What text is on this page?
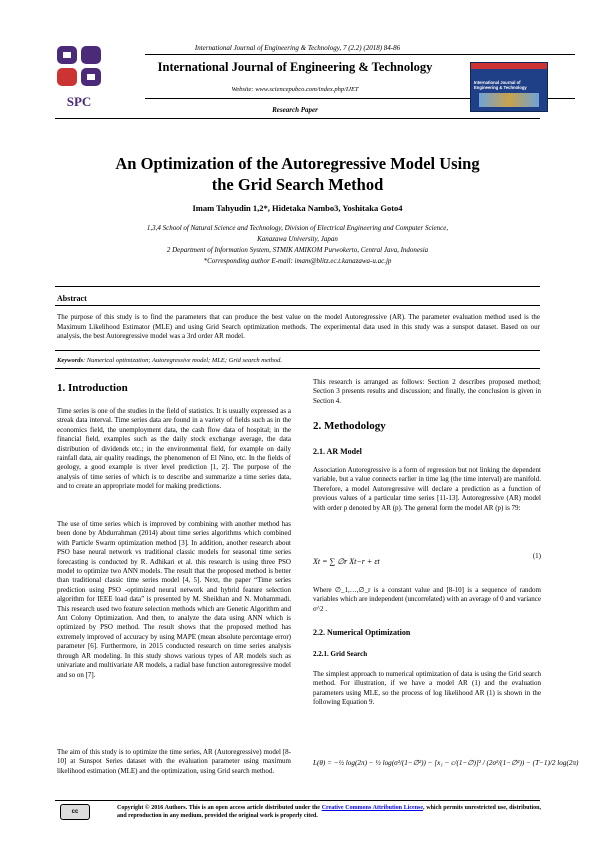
International Journal of Engineering & Technology, 7 (2.2) (2018) 84-86
SPC
International Journal of Engineering & Technology
Website: www.sciencepubco.com/index.php/IJET
Research Paper
International Journal of Engineering & Technology
An Optimization of the Autoregressive Model Using
the Grid Search Method
Imam Tahyudin 1,2*, Hidetaka Nambo3, Yoshitaka Goto4
1,3,4 School of Natural Science and Technology, Division of Electrical Engineering and Computer Science,
Kanazawa University, Japan
2 Department of Information System, STMIK AMIKOM Purwokerto, Central Java, Indonesia
*Corresponding author E-mail: imam@blitz.ec.t.kanazawa-u.ac.jp
Abstract
The purpose of this study is to find the parameters that can produce the best value on the model Autoregressive (AR). The parameter evaluation method used is the Maximum Likelihood Estimator (MLE) and using Grid Search optimization methods. The experimental data used in this study was a sunspot dataset. Based on our analysis, the best Autoregressive model was a 3rd order AR model.
Keywords: Numerical optimization; Autoregressive model; MLE; Grid search method.
1. Introduction
Time series is one of the studies in the field of statistics. It is usually expressed as a streak data interval. Time series data are found in a variety of fields such as in the economics field, the unemployment data, the cash flow data of hospital; in the financial field, examples such as the daily stock exchange average, the data distribution of dividends etc.; in the environmental field, for example on daily rainfall data, air quality readings, the phenomenon of El Nino, etc. In the fields of geology, a good example is river level prediction [1, 2]. The purpose of the analysis of time series of which is to describe and summarize a time series data, and to create an appropriate model for making predictions.
The use of time series which is improved by combining with another method has been done by Abdurrahman (2014) about time series algorithms which combined with Particle Swarm optimization method [3]. In addition, another research about PSO base neural network vs traditional classic models for seasonal time series forecasting is conducted by R. Adhikari et al. this research is using three PSO model to optimize two ANN models. The result that the proposed method is better than traditional classic time series model [4, 5]. Next, the paper “Time series prediction using PSO -optimized neural network and hybrid feature selection algorithm for IEEE load data” is presented by M. Sheikhan and N. Mohammadi. This research used two feature selection methods which are Genetic Algorithm and Ant Colony Optimization. And then, to analyze the data using ANN which is optimized by PSO method. The result shows that the proposed method has extremely improved of accuracy by using MAPE (mean absolute percentage error) parameter [6]. Furthermore, in 2015 conducted research on time series analysis through AR modeling. In this study shows various types of AR models such as univariate and multivariate AR models, a radial base function autoregressive model and so on [7].
The aim of this study is to optimize the time series, AR (Autoregressive) model [8-10] at Sunspot Series dataset with the evaluation parameter using maximum likelihood estimation (MLE) and the optimization, using Grid search method.
This research is arranged as follows: Section 2 describes proposed method; Section 3 presents results and discussion; and finally, the conclusion is given in Section 4.
2. Methodology
2.1. AR Model
Association Autoregressive is a form of regression but not linking the dependent variable, but a value connects earlier in time lag (the time interval) are manifold. Therefore, a model Autoregressive will declare a prediction as a function of previous values of a particular time series [11-13]. Autoregressive (AR) model with order p denoted by AR (p). The general form the model AR (p) is 79:
Xt = ∑ ∅r Xt−r + εt
(1)
Where ∅_1,…,∅_r is a constant value and [8-10] is a sequence of random variables which are independent (uncorrelated) with an average of 0 and variance σ^2 .
2.2. Numerical Optimization
2.2.1. Grid Search
The simplest approach to numerical optimization of data is using the Grid search method. For illustration, if we have a model AR (1) and the evaluation parameters using MLE, so the process of log likelihood AR (1) is shown in the following Equation 9.
L(θ) = −½ log(2π) − ½ log(σ²/(1−∅²)) − [x₁ − c/(1−∅)]² / (2σ²/(1−∅²)) − (T−1)/2 log(2π)
cc
Copyright © 2016 Authors. This is an open access article distributed under the Creative Commons Attribution License, which permits unrestricted use, distribution, and reproduction in any medium, provided the original work is properly cited.
